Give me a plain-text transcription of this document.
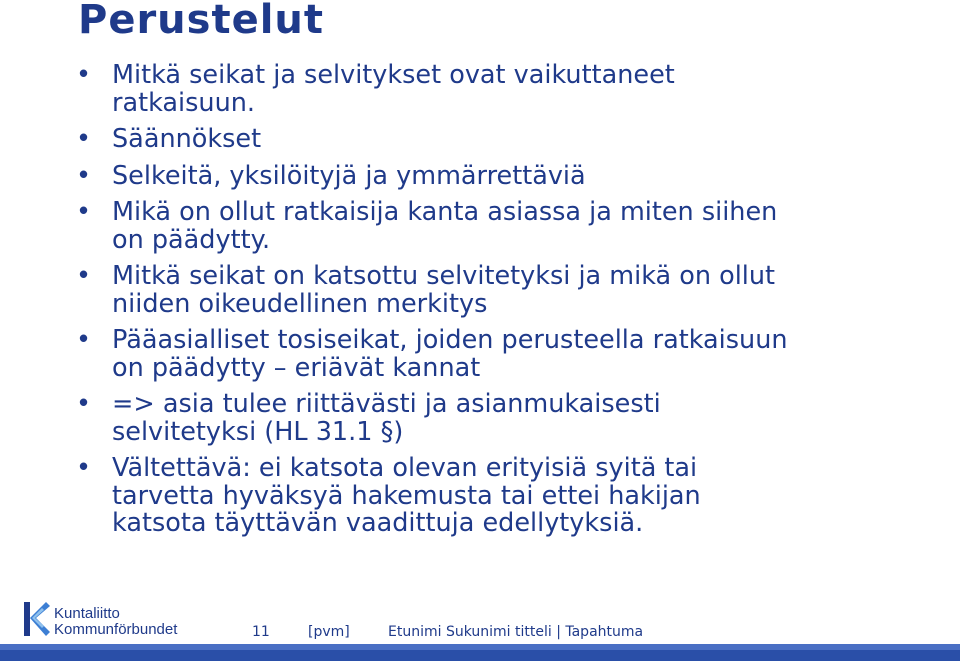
Perustelut
• Mitkä seikat ja selvitykset ovat vaikuttaneet
ratkaisuun.
• Säännökset
• Selkeitä, yksilöityjä ja ymmärrettäviä
• Mikä on ollut ratkaisija kanta asiassa ja miten siihen
on päädytty.
• Mitkä seikat on katsottu selvitetyksi ja mikä on ollut
niiden oikeudellinen merkitys
• Pääasialliset tosiseikat, joiden perusteella ratkaisuun
on päädytty – eriävät kannat
• => asia tulee riittävästi ja asianmukaisesti
selvitetyksi (HL 31.1 §)
• Vältettävä: ei katsota olevan erityisiä syitä tai
tarvetta hyväksyä hakemusta tai ettei hakijan
katsota täyttävän vaadittuja edellytyksiä.
Kuntaliitto
Kommunförbundet	11	[pvm]	Etunimi Sukunimi titteli | Tapahtuma
